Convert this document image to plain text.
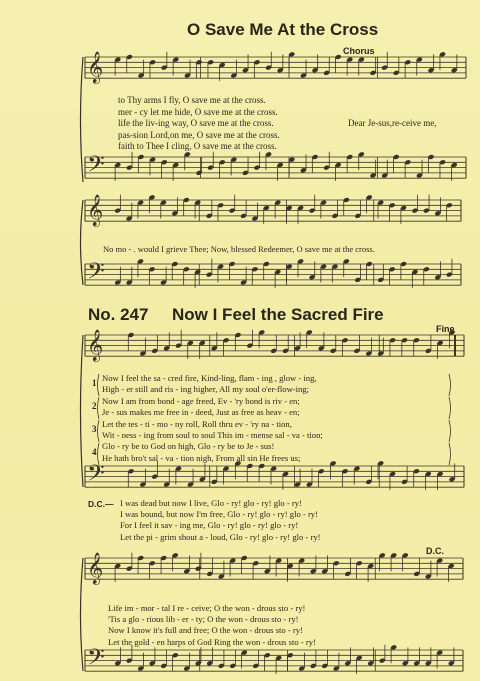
𝄞
𝄢
𝄞
𝄢
𝄞
𝄢
𝄞
𝄢
O Save Me At the Cross
Chorus
to Thy arms I fly, O save me at the cross.
mer - cy let me hide, O save me at the cross.
life the liv-ing way, O save me at the cross.
pas-sion Lord,on me, O save me at the cross.
faith to Thee I cling, O save me at the cross.
Dear Je-sus,re-ceive me,
No mo - . would I grieve Thee; Now, blessed Redeemer, O save me at the cross.
No. 247 Now I Feel the Sacred Fire
Fine
Now I feel the sa - cred fire, Kind-ling, flam - ing , glow - ing,
High - er still and ris - ing higher, All my soul o'er-flow-ing;
Now I am from bond - age freed, Ev - 'ry bond is riv - en;
Je - sus makes me free in - deed, Just as free as heav - en;
Let the tes - ti - mo - ny roll, Roll thru ev - 'ry na - tion,
Wit - ness - ing from soul to soul This im - mense sal - va - tion;
Glo - ry be to God on high, Glo - ry be to Je - sus!
He hath bro't sal - va - tion nigh, From all sin He frees us;
1
2
3
4
D.C.— I was dead but now I live, Glo - ry! glo - ry! glo - ry!
I was bound, but now I'm free, Glo - ry! glo - ry! glo - ry!
For I feel it sav - ing me, Glo - ry! glo - ry! glo - ry!
Let the pi - grim shout a - loud, Glo - ry! glo - ry! glo - ry!
D.C.
Life im - mor - tal I re - ceive; O the won - drous sto - ry!
'Tis a glo - rious lib - er - ty; O the won - drous sto - ry!
Now I know it's full and free; O the won - drous sto - ry!
Let the gold - en harps of God Ring the won - drous sto - ry!
